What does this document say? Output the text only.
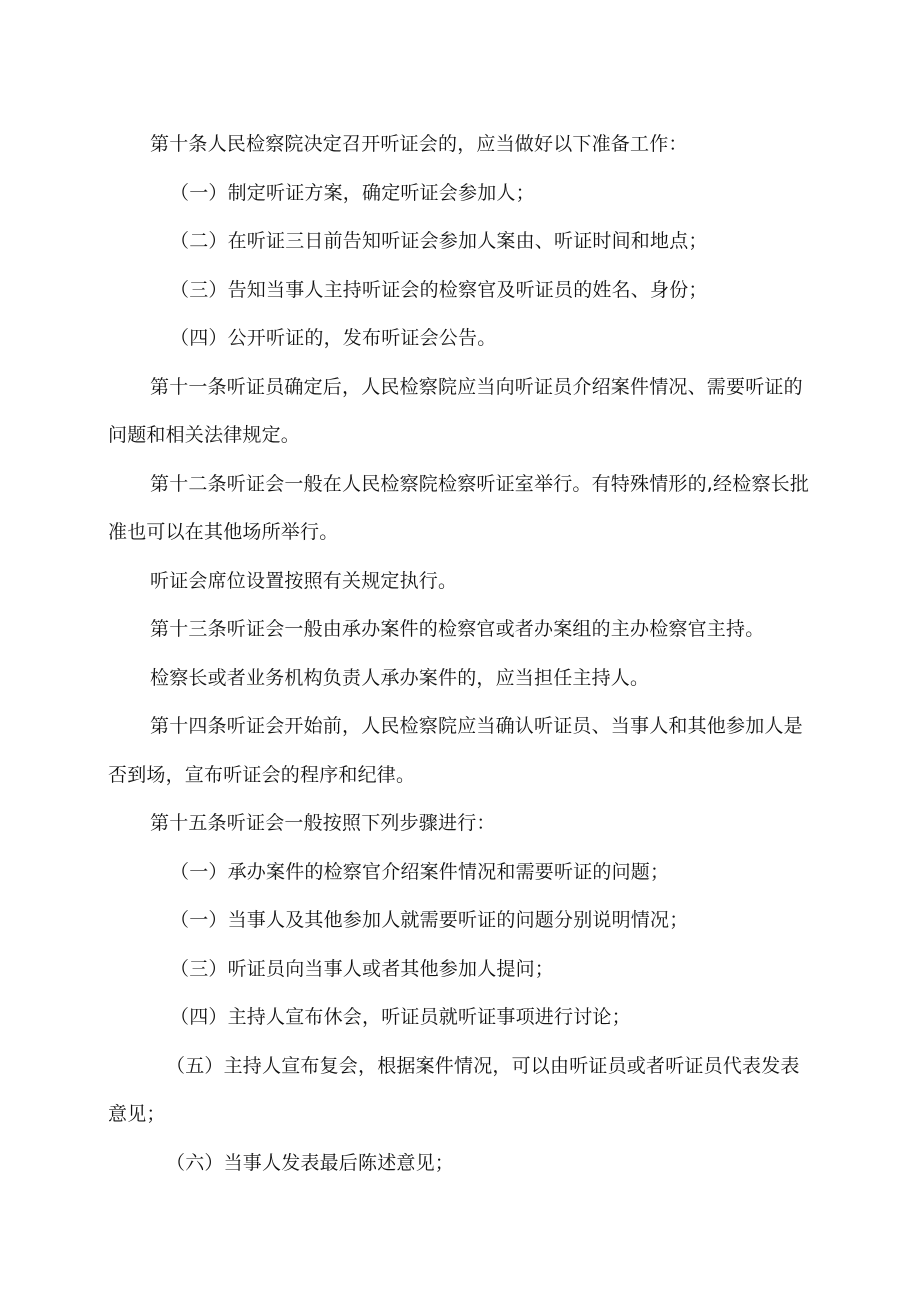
第十条人民检察院决定召开听证会的，应当做好以下准备工作：

（一）制定听证方案，确定听证会参加人；

（二）在听证三日前告知听证会参加人案由、听证时间和地点；

（三）告知当事人主持听证会的检察官及听证员的姓名、身份；

（四）公开听证的，发布听证会公告。

第十一条听证员确定后，人民检察院应当向听证员介绍案件情况、需要听证的问题和相关法律规定。

第十二条听证会一般在人民检察院检察听证室举行。有特殊情形的,经检察长批准也可以在其他场所举行。

听证会席位设置按照有关规定执行。

第十三条听证会一般由承办案件的检察官或者办案组的主办检察官主持。

检察长或者业务机构负责人承办案件的，应当担任主持人。

第十四条听证会开始前，人民检察院应当确认听证员、当事人和其他参加人是否到场，宣布听证会的程序和纪律。

第十五条听证会一般按照下列步骤进行：

（一）承办案件的检察官介绍案件情况和需要听证的问题；

（一）当事人及其他参加人就需要听证的问题分别说明情况；

（三）听证员向当事人或者其他参加人提问；

（四）主持人宣布休会，听证员就听证事项进行讨论；

（五）主持人宣布复会，根据案件情况，可以由听证员或者听证员代表发表意见；

（六）当事人发表最后陈述意见；
